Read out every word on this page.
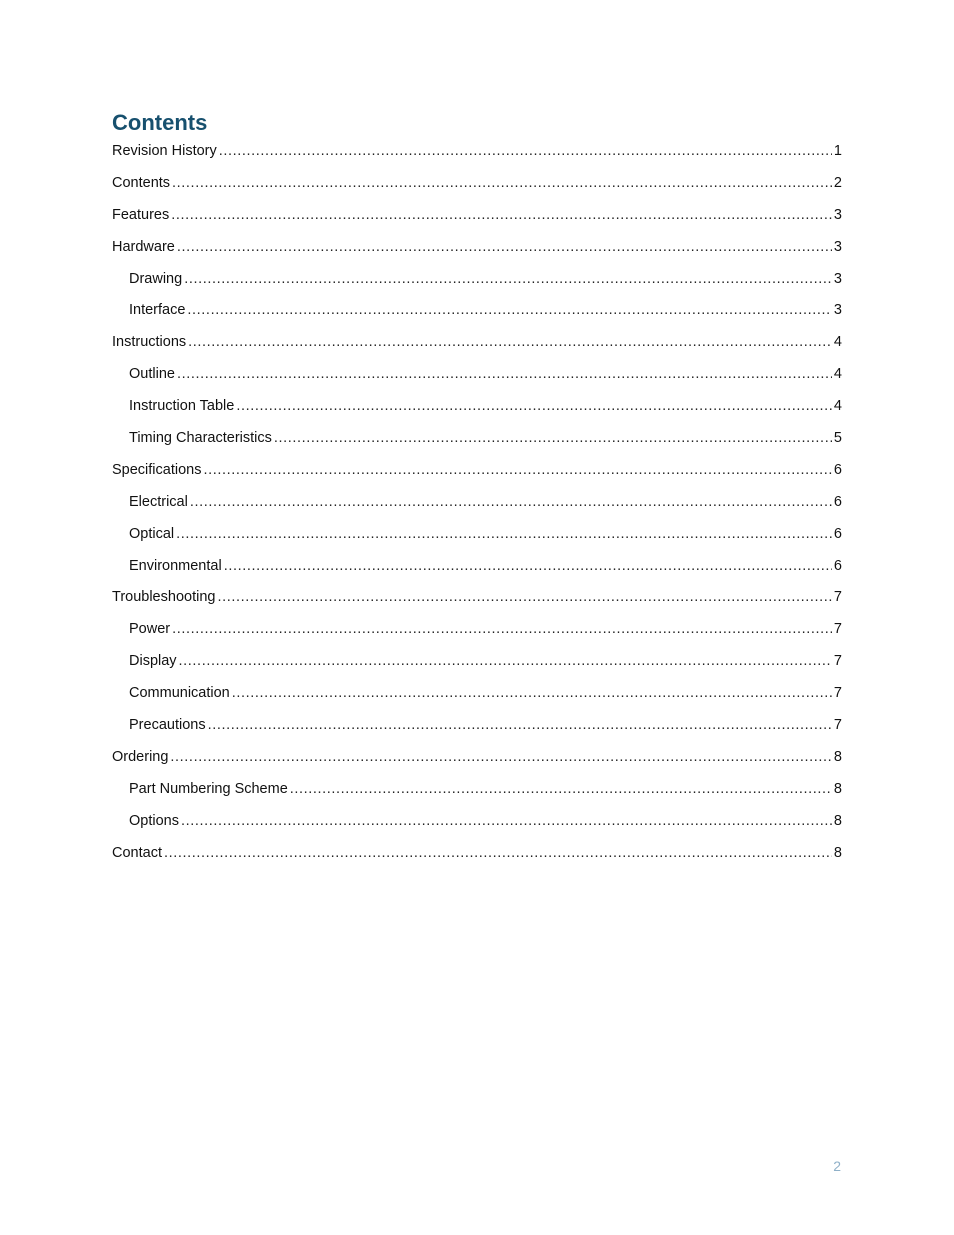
Contents
Revision History .....	1
Contents .....	2
Features .....	3
Hardware .....	3
Drawing .....	3
Interface .....	3
Instructions .....	4
Outline .....	4
Instruction Table .....	4
Timing Characteristics .....	5
Specifications .....	6
Electrical .....	6
Optical .....	6
Environmental .....	6
Troubleshooting .....	7
Power .....	7
Display .....	7
Communication .....	7
Precautions .....	7
Ordering .....	8
Part Numbering Scheme .....	8
Options .....	8
Contact .....	8
2
